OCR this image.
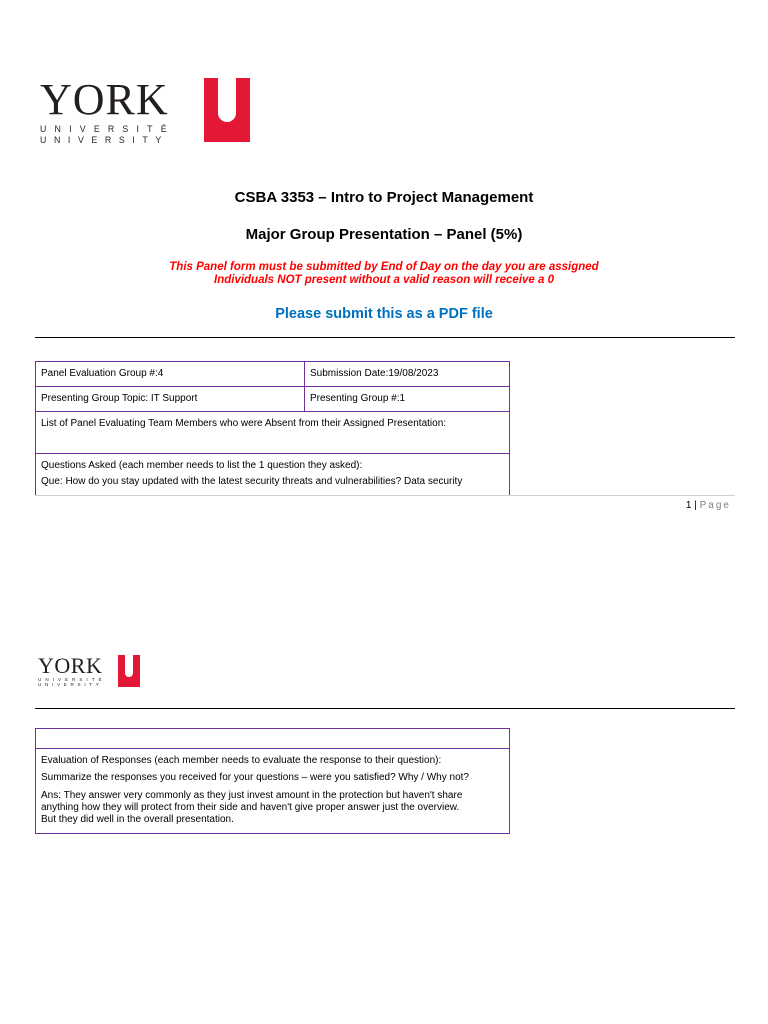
YORK
UNIVERSITÉ
UNIVERSITY
CSBA 3353 – Intro to Project Management
Major Group Presentation – Panel (5%)
This Panel form must be submitted by End of Day on the day you are assigned
Individuals NOT present without a valid reason will receive a 0
Please submit this as a PDF file
Panel Evaluation Group #:4	Submission Date:19/08/2023
Presenting Group Topic: IT Support	Presenting Group #:1
List of Panel Evaluating Team Members who were Absent from their Assigned Presentation:
Questions Asked (each member needs to list the 1 question they asked):
Que: How do you stay updated with the latest security threats and vulnerabilities? Data security
1 | Page
YORK
UNIVERSITÉ
UNIVERSITY
Evaluation of Responses (each member needs to evaluate the response to their question):
Summarize the responses you received for your questions – were you satisfied? Why / Why not?
Ans: They answer very commonly as they just invest amount in the protection but haven't share
anything how they will protect from their side and haven't give proper answer just the overview.
But they did well in the overall presentation.
